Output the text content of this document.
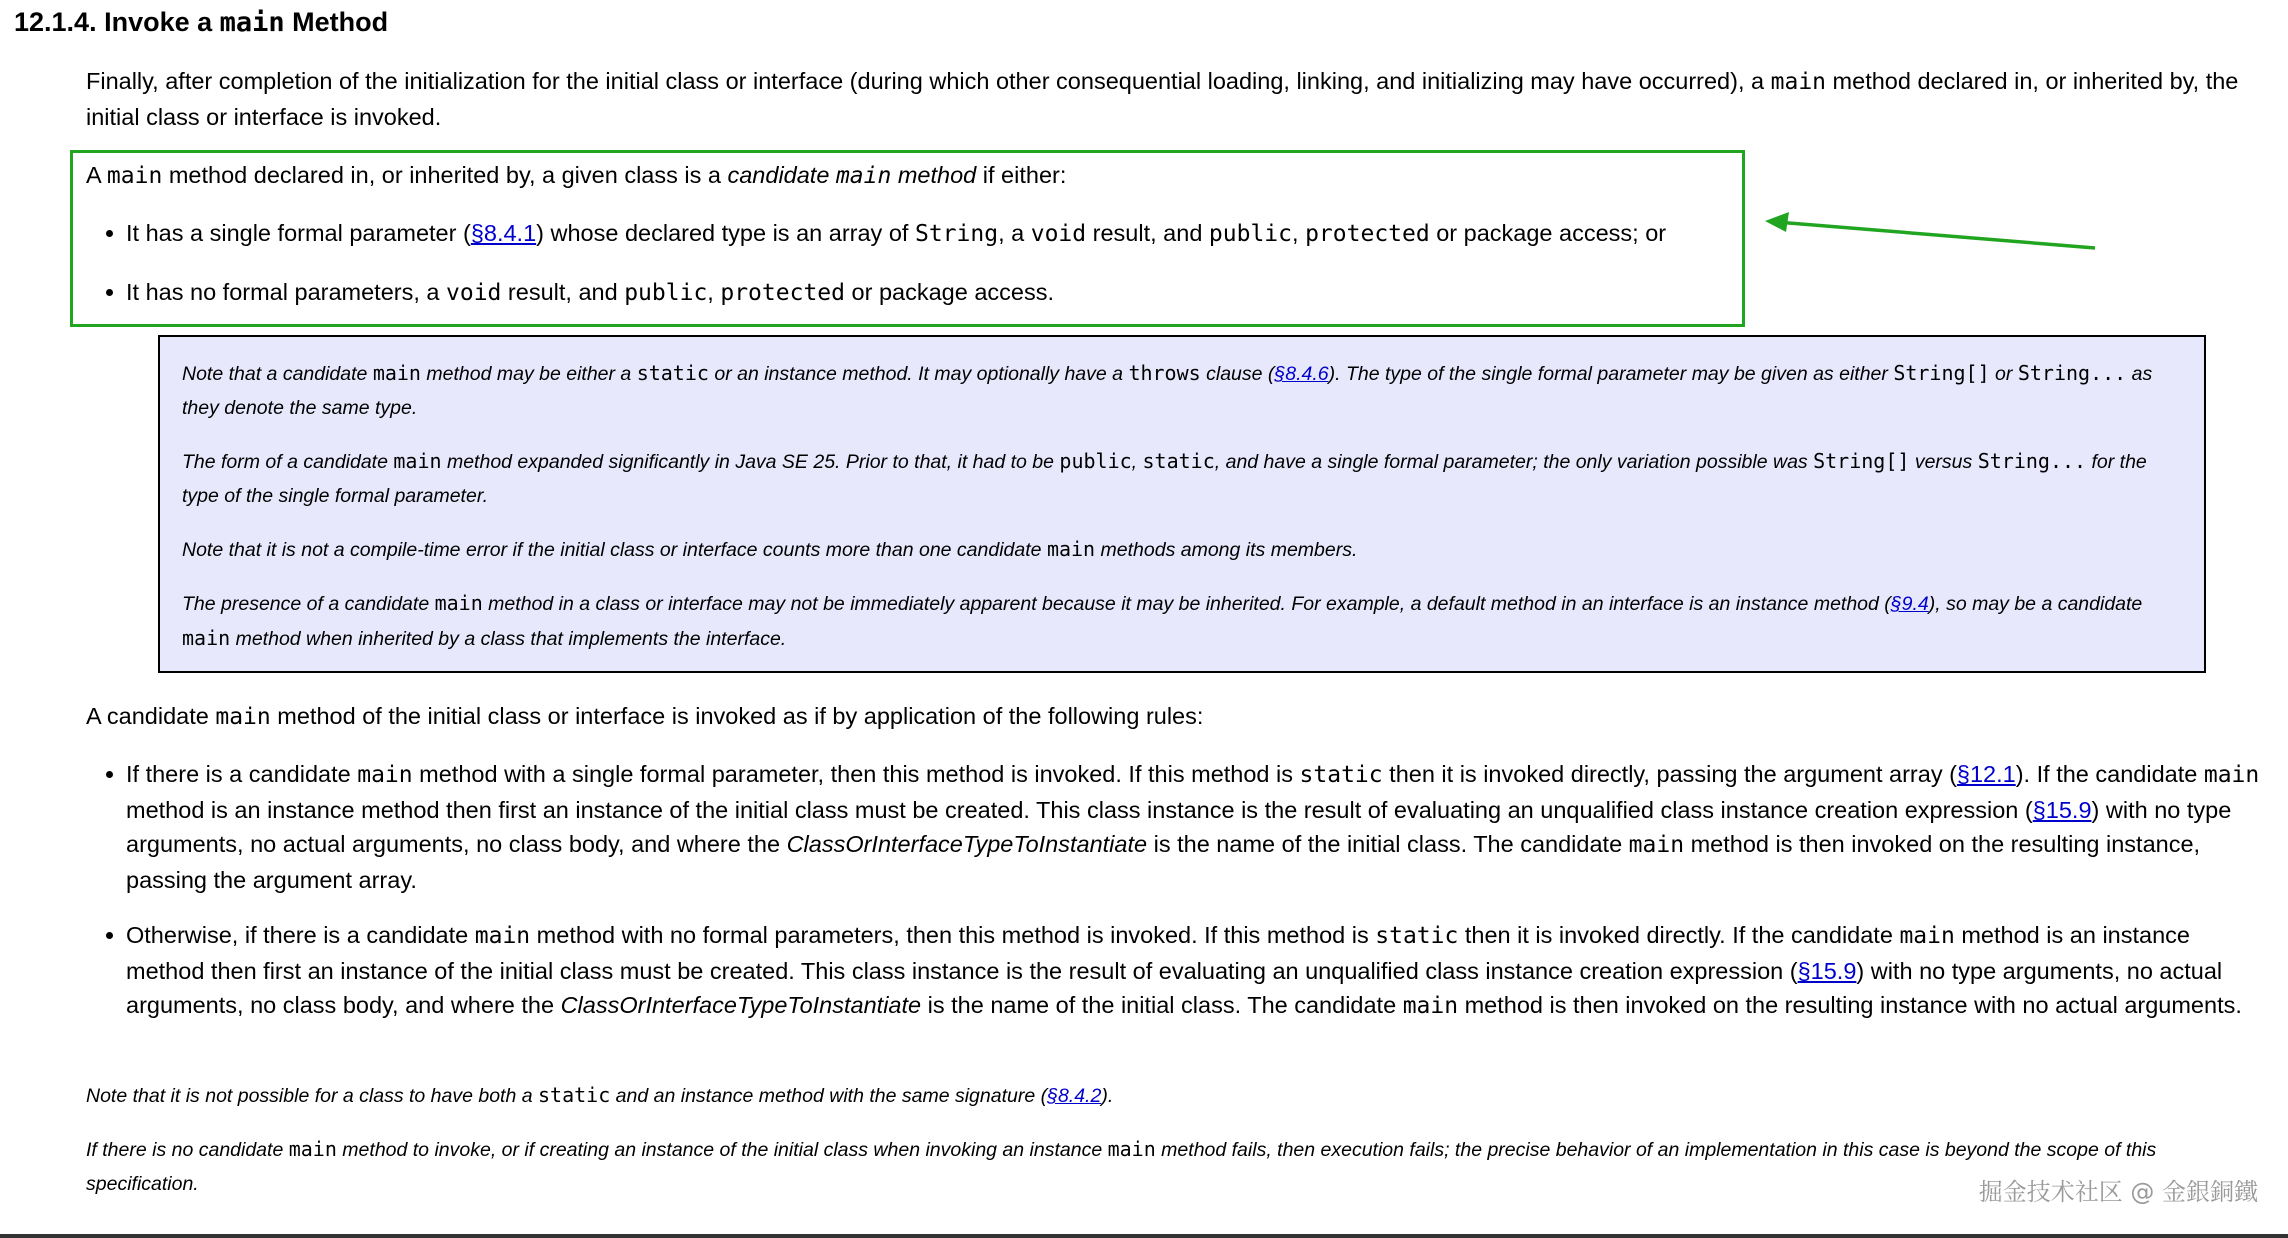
12.1.4. Invoke a main Method

Finally, after completion of the initialization for the initial class or interface (during which other consequential loading, linking, and initializing may have occurred), a main method declared in, or inherited by, the initial class or interface is invoked.

A main method declared in, or inherited by, a given class is a candidate main method if either:

It has a single formal parameter (§8.4.1) whose declared type is an array of String, a void result, and public, protected or package access; or

It has no formal parameters, a void result, and public, protected or package access.

Note that a candidate main method may be either a static or an instance method. It may optionally have a throws clause (§8.4.6). The type of the single formal parameter may be given as either String[] or String... as they denote the same type.

The form of a candidate main method expanded significantly in Java SE 25. Prior to that, it had to be public, static, and have a single formal parameter; the only variation possible was String[] versus String... for the type of the single formal parameter.

Note that it is not a compile-time error if the initial class or interface counts more than one candidate main methods among its members.

The presence of a candidate main method in a class or interface may not be immediately apparent because it may be inherited. For example, a default method in an interface is an instance method (§9.4), so may be a candidate main method when inherited by a class that implements the interface.

A candidate main method of the initial class or interface is invoked as if by application of the following rules:

If there is a candidate main method with a single formal parameter, then this method is invoked. If this method is static then it is invoked directly, passing the argument array (§12.1). If the candidate main method is an instance method then first an instance of the initial class must be created. This class instance is the result of evaluating an unqualified class instance creation expression (§15.9) with no type arguments, no actual arguments, no class body, and where the ClassOrInterfaceTypeToInstantiate is the name of the initial class. The candidate main method is then invoked on the resulting instance, passing the argument array.

Otherwise, if there is a candidate main method with no formal parameters, then this method is invoked. If this method is static then it is invoked directly. If the candidate main method is an instance method then first an instance of the initial class must be created. This class instance is the result of evaluating an unqualified class instance creation expression (§15.9) with no type arguments, no actual arguments, no class body, and where the ClassOrInterfaceTypeToInstantiate is the name of the initial class. The candidate main method is then invoked on the resulting instance with no actual arguments.

Note that it is not possible for a class to have both a static and an instance method with the same signature (§8.4.2).

If there is no candidate main method to invoke, or if creating an instance of the initial class when invoking an instance main method fails, then execution fails; the precise behavior of an implementation in this case is beyond the scope of this specification.	掘金技术社区 @ 金銀銅鐵
